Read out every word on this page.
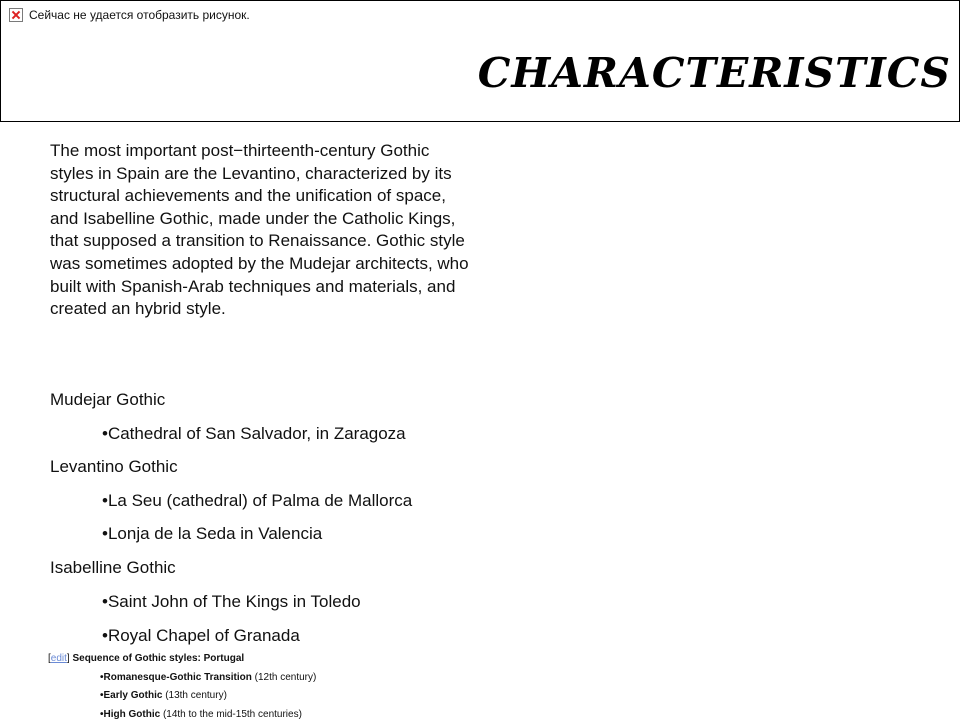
Сейчас не удается отобразить рисунок.
CHARACTERISTICS

The most important post−thirteenth-century Gothic styles in Spain are the Levantino, characterized by its structural achievements and the unification of space, and Isabelline Gothic, made under the Catholic Kings, that supposed a transition to Renaissance. Gothic style was sometimes adopted by the Mudejar architects, who built with Spanish-Arab techniques and materials, and created an hybrid style.

Mudejar Gothic
•Cathedral of San Salvador, in Zaragoza
Levantino Gothic
•La Seu (cathedral) of Palma de Mallorca
•Lonja de la Seda in Valencia
Isabelline Gothic
•Saint John of The Kings in Toledo
•Royal Chapel of Granada
[edit] Sequence of Gothic styles: Portugal
•Romanesque-Gothic Transition (12th century)
•Early Gothic (13th century)
•High Gothic (14th to the mid-15th centuries)
